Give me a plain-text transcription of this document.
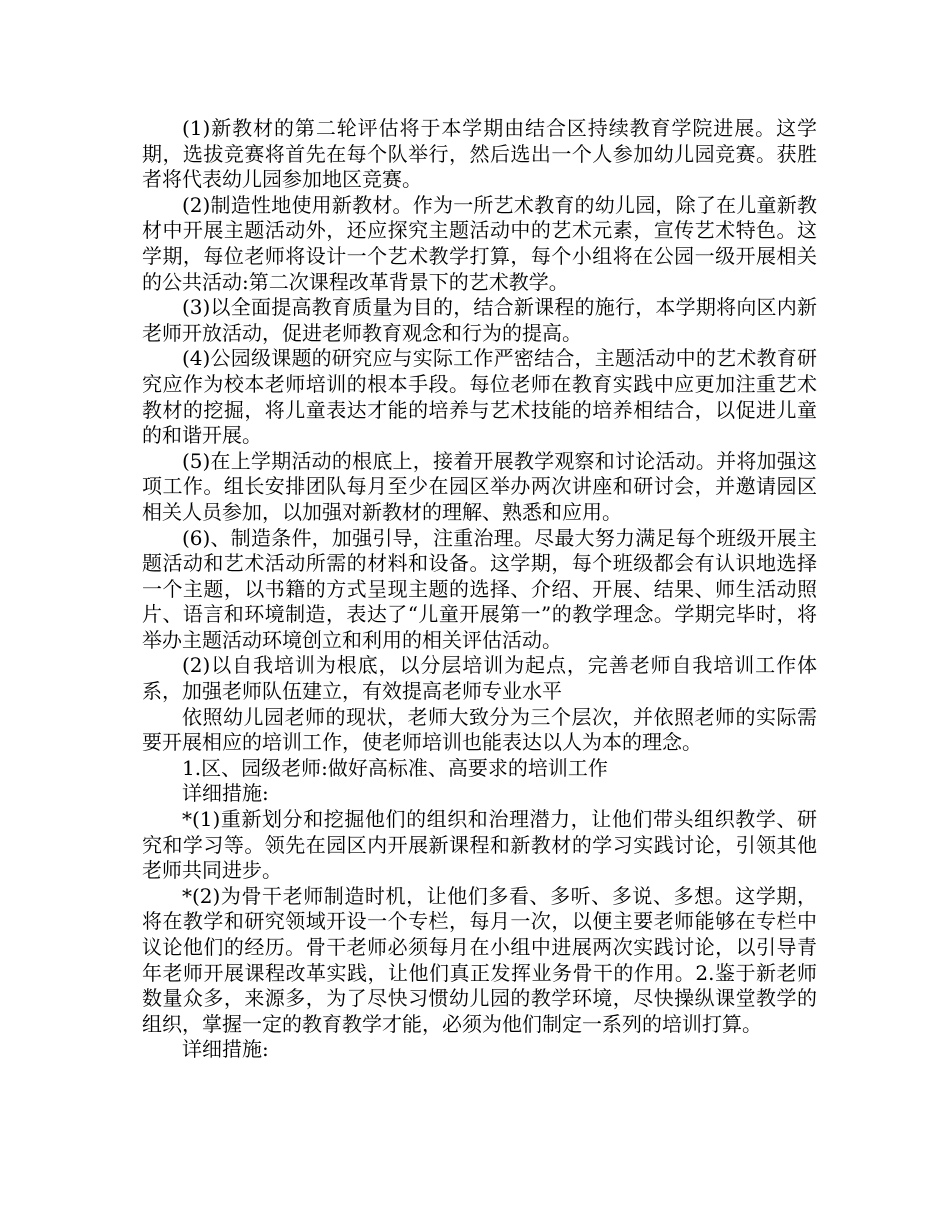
(1)新教材的第二轮评估将于本学期由结合区持续教育学院进展。这学期，选拔竞赛将首先在每个队举行，然后选出一个人参加幼儿园竞赛。获胜者将代表幼儿园参加地区竞赛。

(2)制造性地使用新教材。作为一所艺术教育的幼儿园，除了在儿童新教材中开展主题活动外，还应探究主题活动中的艺术元素，宣传艺术特色。这学期，每位老师将设计一个艺术教学打算，每个小组将在公园一级开展相关的公共活动:第二次课程改革背景下的艺术教学。

(3)以全面提高教育质量为目的，结合新课程的施行，本学期将向区内新老师开放活动，促进老师教育观念和行为的提高。

(4)公园级课题的研究应与实际工作严密结合，主题活动中的艺术教育研究应作为校本老师培训的根本手段。每位老师在教育实践中应更加注重艺术教材的挖掘，将儿童表达才能的培养与艺术技能的培养相结合，以促进儿童的和谐开展。

(5)在上学期活动的根底上，接着开展教学观察和讨论活动。并将加强这项工作。组长安排团队每月至少在园区举办两次讲座和研讨会，并邀请园区相关人员参加，以加强对新教材的理解、熟悉和应用。

(6)、制造条件，加强引导，注重治理。尽最大努力满足每个班级开展主题活动和艺术活动所需的材料和设备。这学期，每个班级都会有认识地选择一个主题，以书籍的方式呈现主题的选择、介绍、开展、结果、师生活动照片、语言和环境制造，表达了“儿童开展第一”的教学理念。学期完毕时，将举办主题活动环境创立和利用的相关评估活动。

(2)以自我培训为根底，以分层培训为起点，完善老师自我培训工作体系，加强老师队伍建立，有效提高老师专业水平

依照幼儿园老师的现状，老师大致分为三个层次，并依照老师的实际需要开展相应的培训工作，使老师培训也能表达以人为本的理念。

1.区、园级老师:做好高标准、高要求的培训工作

详细措施:

*(1)重新划分和挖掘他们的组织和治理潜力，让他们带头组织教学、研究和学习等。领先在园区内开展新课程和新教材的学习实践讨论，引领其他老师共同进步。

*(2)为骨干老师制造时机，让他们多看、多听、多说、多想。这学期，将在教学和研究领域开设一个专栏，每月一次，以便主要老师能够在专栏中议论他们的经历。骨干老师必须每月在小组中进展两次实践讨论，以引导青年老师开展课程改革实践，让他们真正发挥业务骨干的作用。2.鉴于新老师数量众多，来源多，为了尽快习惯幼儿园的教学环境，尽快操纵课堂教学的组织，掌握一定的教育教学才能，必须为他们制定一系列的培训打算。

详细措施:
